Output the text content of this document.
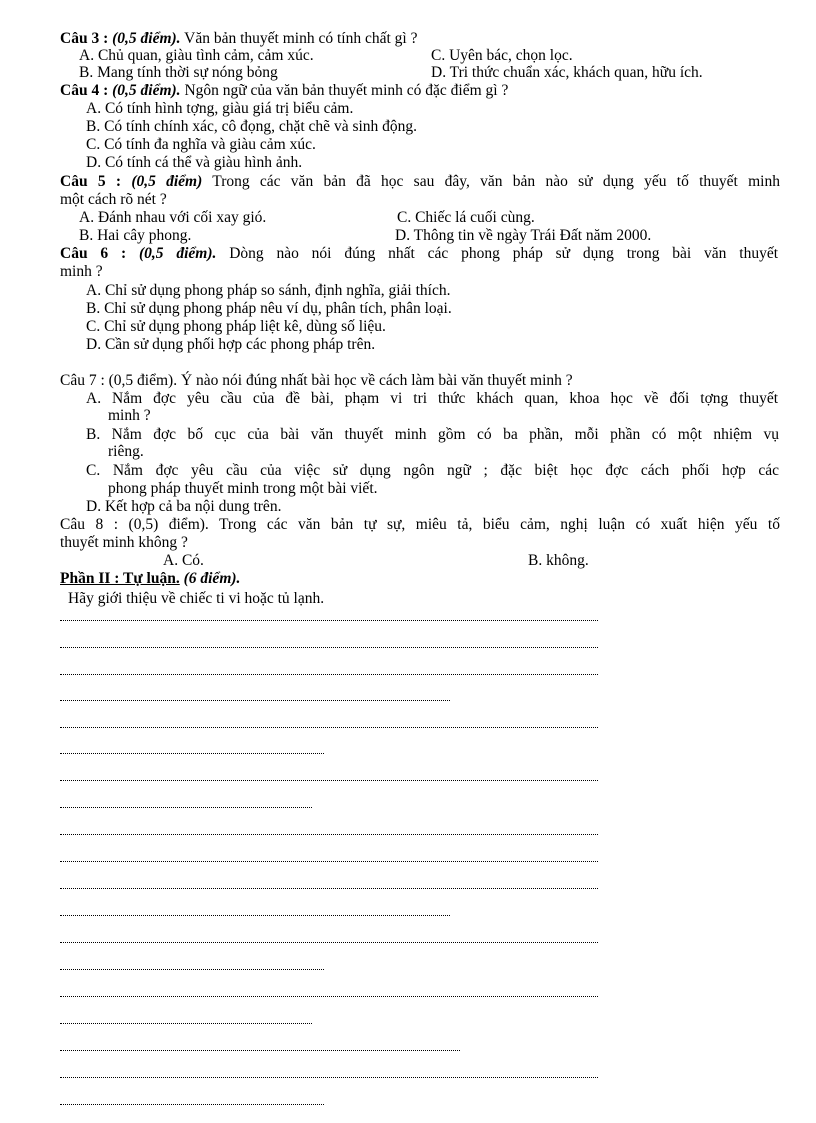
Câu 3 : (0,5 điểm). Văn bản thuyết minh có tính chất gì ?
A. Chủ quan, giàu tình cảm, cảm xúc.	C. Uyên bác, chọn lọc.
B. Mang tính thời sự nóng bỏng	D. Tri thức chuẩn xác, khách quan, hữu ích.
Câu 4 : (0,5 điểm). Ngôn ngữ của văn bản thuyết minh có đặc điểm gì ?
A. Có tính hình tợng, giàu giá trị biểu cảm.
B. Có tính chính xác, cô đọng, chặt chẽ và sinh động.
C. Có tính đa nghĩa và giàu cảm xúc.
D. Có tính cá thể và giàu hình ảnh.
Câu 5 : (0,5 điểm) Trong các văn bản đã học sau đây, văn bản nào sử dụng yếu tố thuyết minh
một cách rõ nét ?
A. Đánh nhau với cối xay gió.	C. Chiếc lá cuối cùng.
B. Hai cây phong.	D. Thông tin về ngày Trái Đất năm 2000.
Câu 6 : (0,5 điểm). Dòng nào nói đúng nhất các phong pháp sử dụng trong bài văn thuyết
minh ?
A. Chỉ sử dụng phong pháp so sánh, định nghĩa, giải thích.
B. Chỉ sử dụng phong pháp nêu ví dụ, phân tích, phân loại.
C. Chỉ sử dụng phong pháp liệt kê, dùng số liệu.
D. Cần sử dụng phối hợp các phong pháp trên.
Câu 7 : (0,5 điểm). Ý nào nói đúng nhất bài học về cách làm bài văn thuyết minh ?
A. Nắm đợc yêu cầu của đề bài, phạm vi tri thức khách quan, khoa học về đối tợng thuyết
minh ?
B. Nắm đợc bố cục của bài văn thuyết minh gồm có ba phần, mỗi phần có một nhiệm vụ
riêng.
C. Nắm đợc yêu cầu của việc sử dụng ngôn ngữ ; đặc biệt học đợc cách phối hợp các
phong pháp thuyết minh trong một bài viết.
D. Kết hợp cả ba nội dung trên.
Câu 8 : (0,5) điểm). Trong các văn bản tự sự, miêu tả, biểu cảm, nghị luận có xuất hiện yếu tố
thuyết minh không ?
A. Có.	B. không.
Phần II : Tự luận. (6 điểm).
Hãy giới thiệu về chiếc ti vi hoặc tủ lạnh.
